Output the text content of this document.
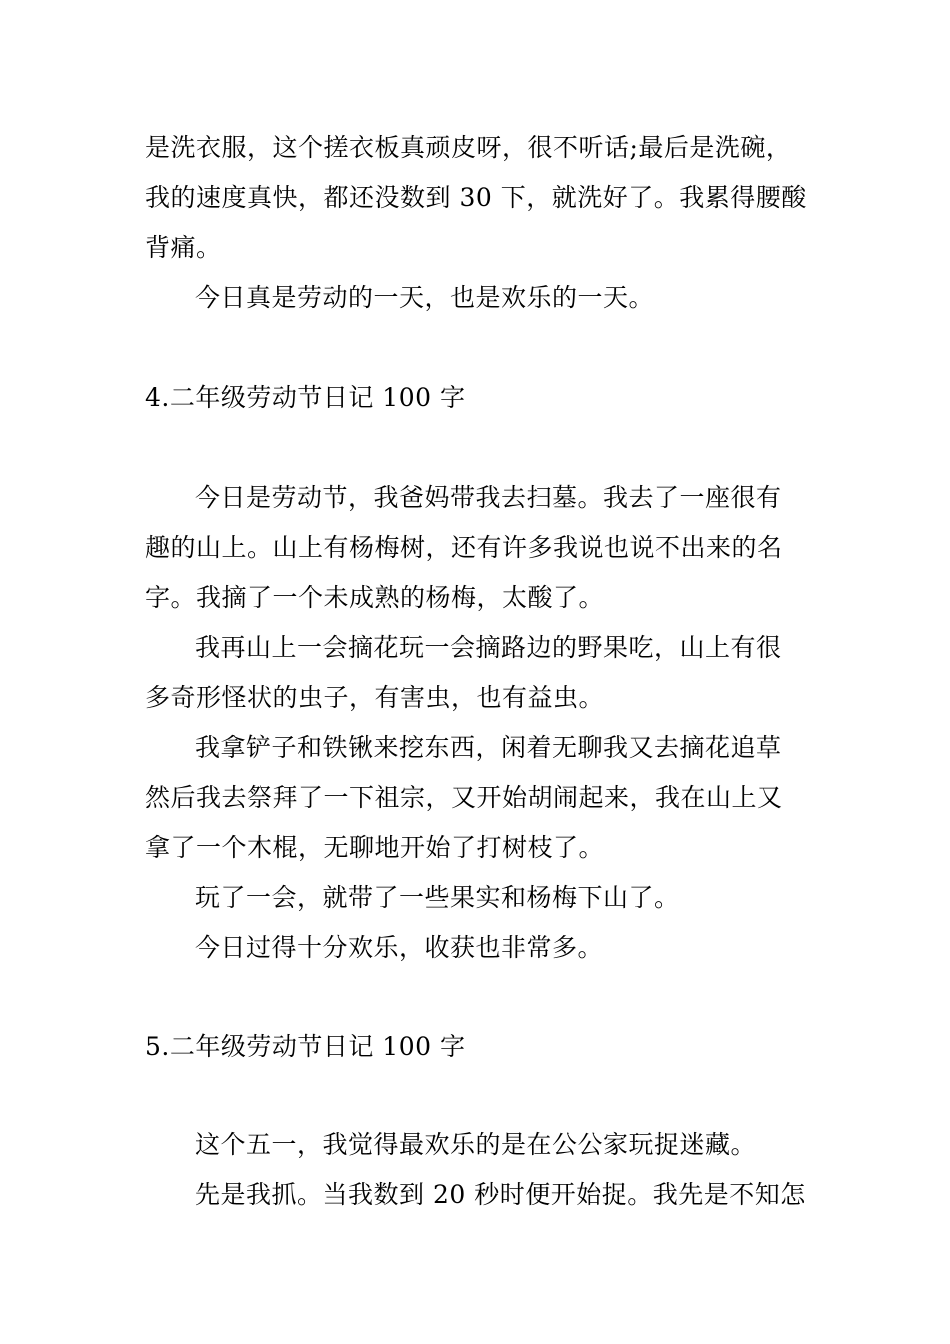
是洗衣服，这个搓衣板真顽皮呀，很不听话;最后是洗碗，
我的速度真快，都还没数到 30 下，就洗好了。我累得腰酸
背痛。
今日真是劳动的一天，也是欢乐的一天。
4.二年级劳动节日记 100 字
今日是劳动节，我爸妈带我去扫墓。我去了一座很有
趣的山上。山上有杨梅树，还有许多我说也说不出来的名
字。我摘了一个未成熟的杨梅，太酸了。
我再山上一会摘花玩一会摘路边的野果吃，山上有很
多奇形怪状的虫子，有害虫，也有益虫。
我拿铲子和铁锹来挖东西，闲着无聊我又去摘花追草
然后我去祭拜了一下祖宗，又开始胡闹起来，我在山上又
拿了一个木棍，无聊地开始了打树枝了。
玩了一会，就带了一些果实和杨梅下山了。
今日过得十分欢乐，收获也非常多。
5.二年级劳动节日记 100 字
这个五一，我觉得最欢乐的是在公公家玩捉迷藏。
先是我抓。当我数到 20 秒时便开始捉。我先是不知怎
